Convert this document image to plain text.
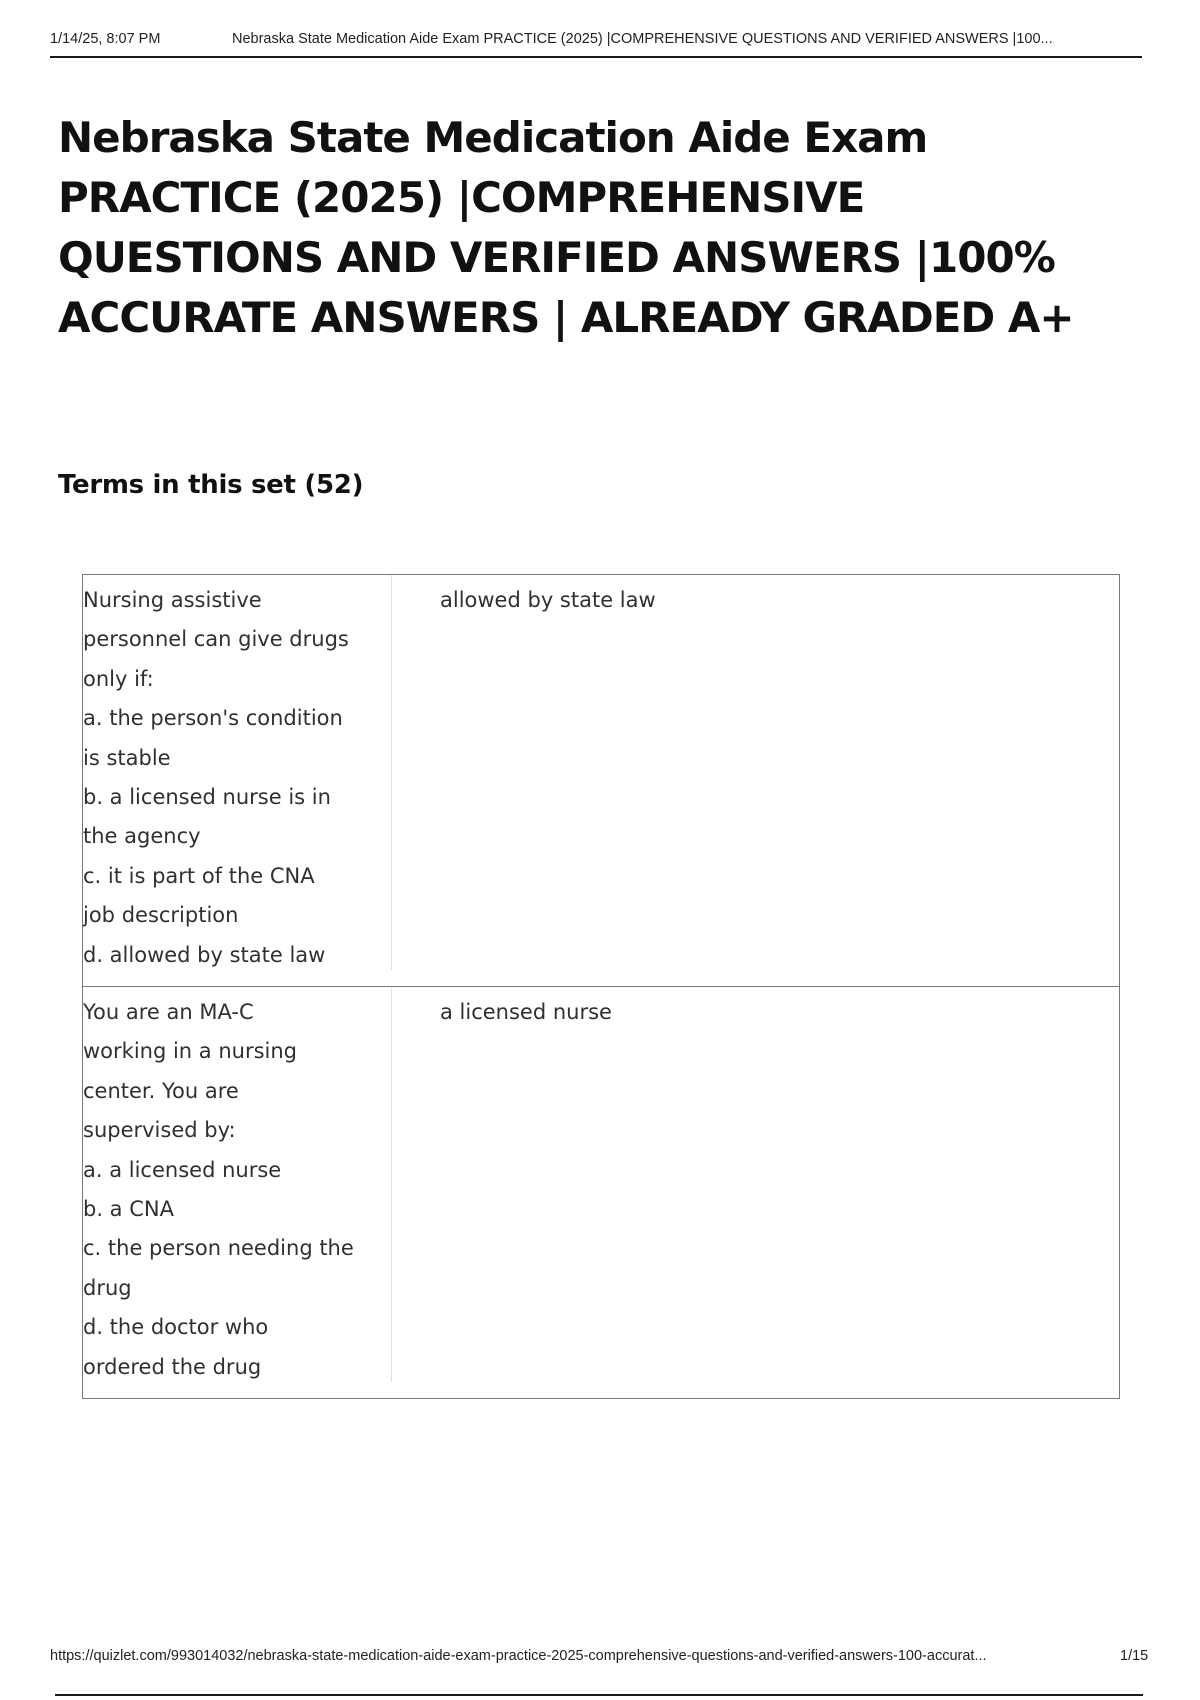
1/14/25, 8:07 PM	Nebraska State Medication Aide Exam PRACTICE (2025) |COMPREHENSIVE QUESTIONS AND VERIFIED ANSWERS |100...
Nebraska State Medication Aide Exam PRACTICE (2025) |COMPREHENSIVE QUESTIONS AND VERIFIED ANSWERS |100% ACCURATE ANSWERS | ALREADY GRADED A+
Terms in this set (52)
Nursing assistive
personnel can give drugs
only if:
a. the person's condition
is stable
b. a licensed nurse is in
the agency
c. it is part of the CNA
job description
d. allowed by state law
allowed by state law
You are an MA-C
working in a nursing
center. You are
supervised by:
a. a licensed nurse
b. a CNA
c. the person needing the
drug
d. the doctor who
ordered the drug
a licensed nurse
https://quizlet.com/993014032/nebraska-state-medication-aide-exam-practice-2025-comprehensive-questions-and-verified-answers-100-accurat...	1/15
